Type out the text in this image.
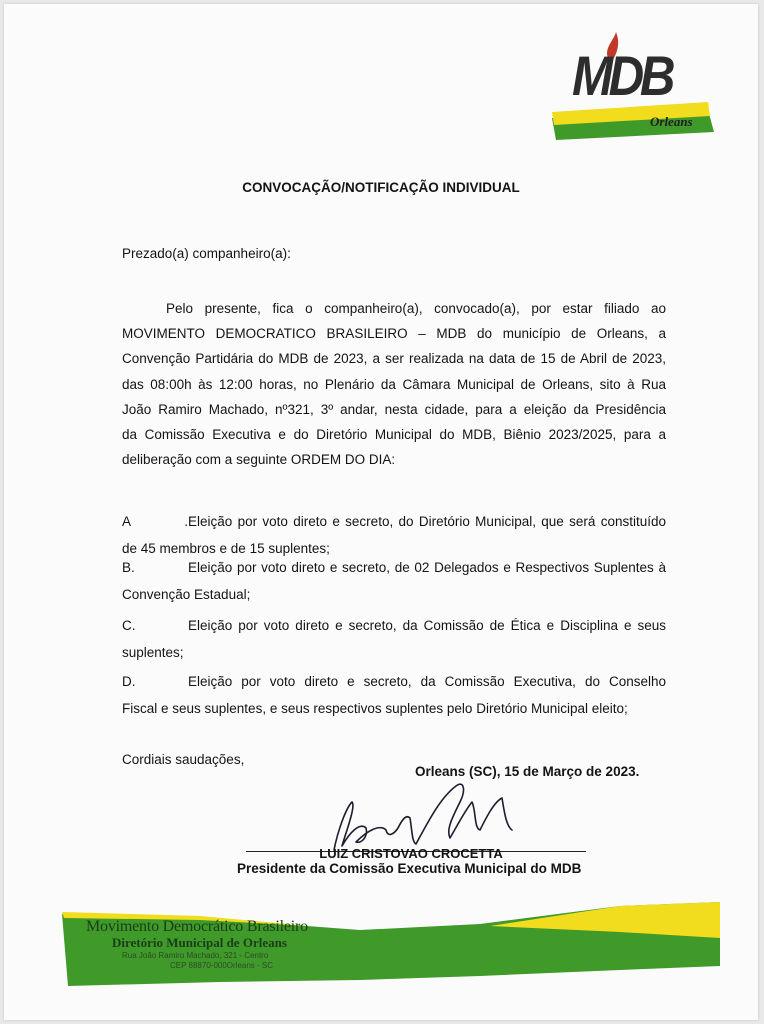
MDB
Orleans
CONVOCAÇÃO/NOTIFICAÇÃO INDIVIDUAL
Prezado(a) companheiro(a):
Pelo presente, fica o companheiro(a), convocado(a), por estar filiado ao
MOVIMENTO DEMOCRATICO BRASILEIRO – MDB do município de Orleans, a
Convenção Partidária do MDB de 2023, a ser realizada na data de 15 de Abril de 2023,
das 08:00h às 12:00 horas, no Plenário da Câmara Municipal de Orleans, sito à Rua
João Ramiro Machado, nº321, 3º andar, nesta cidade, para a eleição da Presidência
da Comissão Executiva e do Diretório Municipal do MDB, Biênio 2023/2025, para a
deliberação com a seguinte ORDEM DO DIA:
A .Eleição por voto direto e secreto, do Diretório Municipal, que será constituído
de 45 membros e de 15 suplentes;
B.	Eleição por voto direto e secreto, de 02 Delegados e Respectivos Suplentes à
Convenção Estadual;
C.	Eleição por voto direto e secreto, da Comissão de Ética e Disciplina e seus
suplentes;
D.	Eleição por voto direto e secreto, da Comissão Executiva, do Conselho
Fiscal e seus suplentes, e seus respectivos suplentes pelo Diretório Municipal eleito;
Cordiais saudações,
Orleans (SC), 15 de Março de 2023.
LUIZ CRISTOVAO CROCETTA
Presidente da Comissão Executiva Municipal do MDB
Movimento Democrático Brasileiro
Diretório Municipal de Orleans
Rua João Ramiro Machado, 321 - Centro
CEP 88870-000Orleans - SC
